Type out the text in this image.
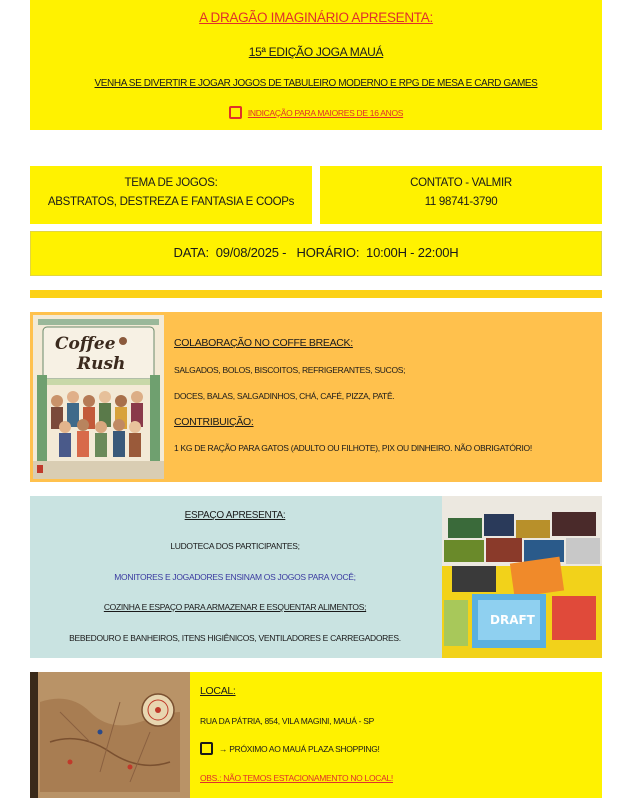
A DRAGÃO IMAGINÁRIO APRESENTA:
15ª EDIÇÃO JOGA MAUÁ
VENHA SE DIVERTIR E JOGAR JOGOS DE TABULEIRO MODERNO E RPG DE MESA E CARD GAMES
INDICAÇÃO PARA MAIORES DE 16 ANOS
TEMA DE JOGOS:
ABSTRATOS, DESTREZA E FANTASIA E COOPs
CONTATO - VALMIR
11 98741-3790
DATA:  09/08/2025 -   HORÁRIO:  10:00H - 22:00H
Coffee
Rush
COLABORAÇÃO NO COFFE BREACK:
SALGADOS, BOLOS, BISCOITOS, REFRIGERANTES, SUCOS;
DOCES, BALAS, SALGADINHOS, CHÁ, CAFÉ, PIZZA, PATÊ.
CONTRIBUIÇÃO:
1 KG DE RAÇÃO PARA GATOS (ADULTO OU FILHOTE), PIX OU DINHEIRO. NÃO OBRIGATÓRIO!
ESPAÇO APRESENTA:
LUDOTECA DOS PARTICIPANTES;
MONITORES E JOGADORES ENSINAM OS JOGOS PARA VOCÊ;
COZINHA E ESPAÇO PARA ARMAZENAR E ESQUENTAR ALIMENTOS;
BEBEDOURO E BANHEIROS, ITENS HIGIÊNICOS, VENTILADORES E CARREGADORES.
DRAFT
LOCAL:
RUA DA PÁTRIA, 854, VILA MAGINI, MAUÁ - SP
→ PRÓXIMO AO MAUÁ PLAZA SHOPPING!
OBS.: NÃO TEMOS ESTACIONAMENTO NO LOCAL!
